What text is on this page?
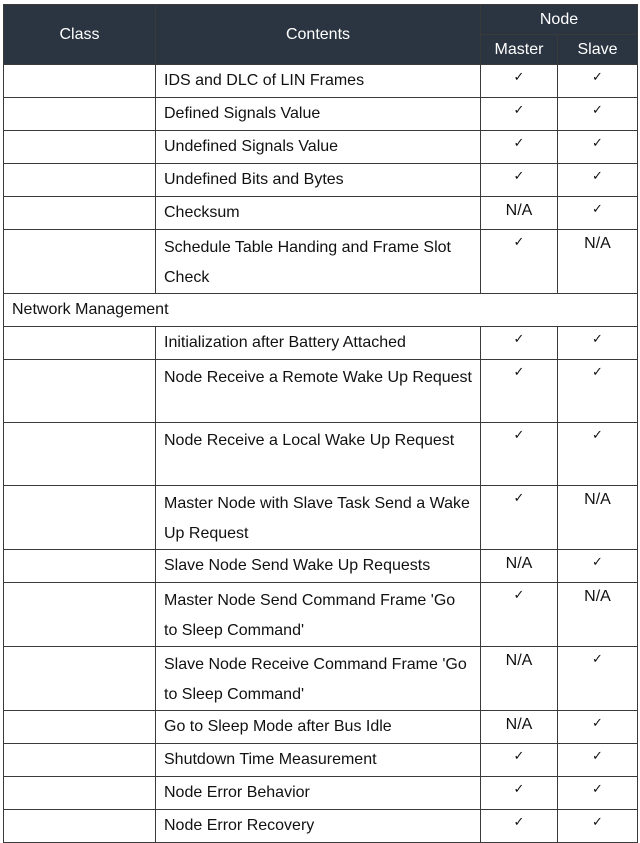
Class	Contents	Node	
		Master	Slave
	IDS and DLC of LIN Frames	✓	✓
	Defined Signals Value	✓	✓
	Undefined Signals Value	✓	✓
	Undefined Bits and Bytes	✓	✓
	Checksum	N/A	✓
	Schedule Table Handing and Frame Slot Check	✓	N/A
Network Management			
	Initialization after Battery Attached	✓	✓
	Node Receive a Remote Wake Up Request	✓	✓
	Node Receive a Local Wake Up Request	✓	✓
	Master Node with Slave Task Send a Wake Up Request	✓	N/A
	Slave Node Send Wake Up Requests	N/A	✓
	Master Node Send Command Frame 'Go to Sleep Command'	✓	N/A
	Slave Node Receive Command Frame 'Go to Sleep Command'	N/A	✓
	Go to Sleep Mode after Bus Idle	N/A	✓
	Shutdown Time Measurement	✓	✓
	Node Error Behavior	✓	✓
	Node Error Recovery	✓	✓
